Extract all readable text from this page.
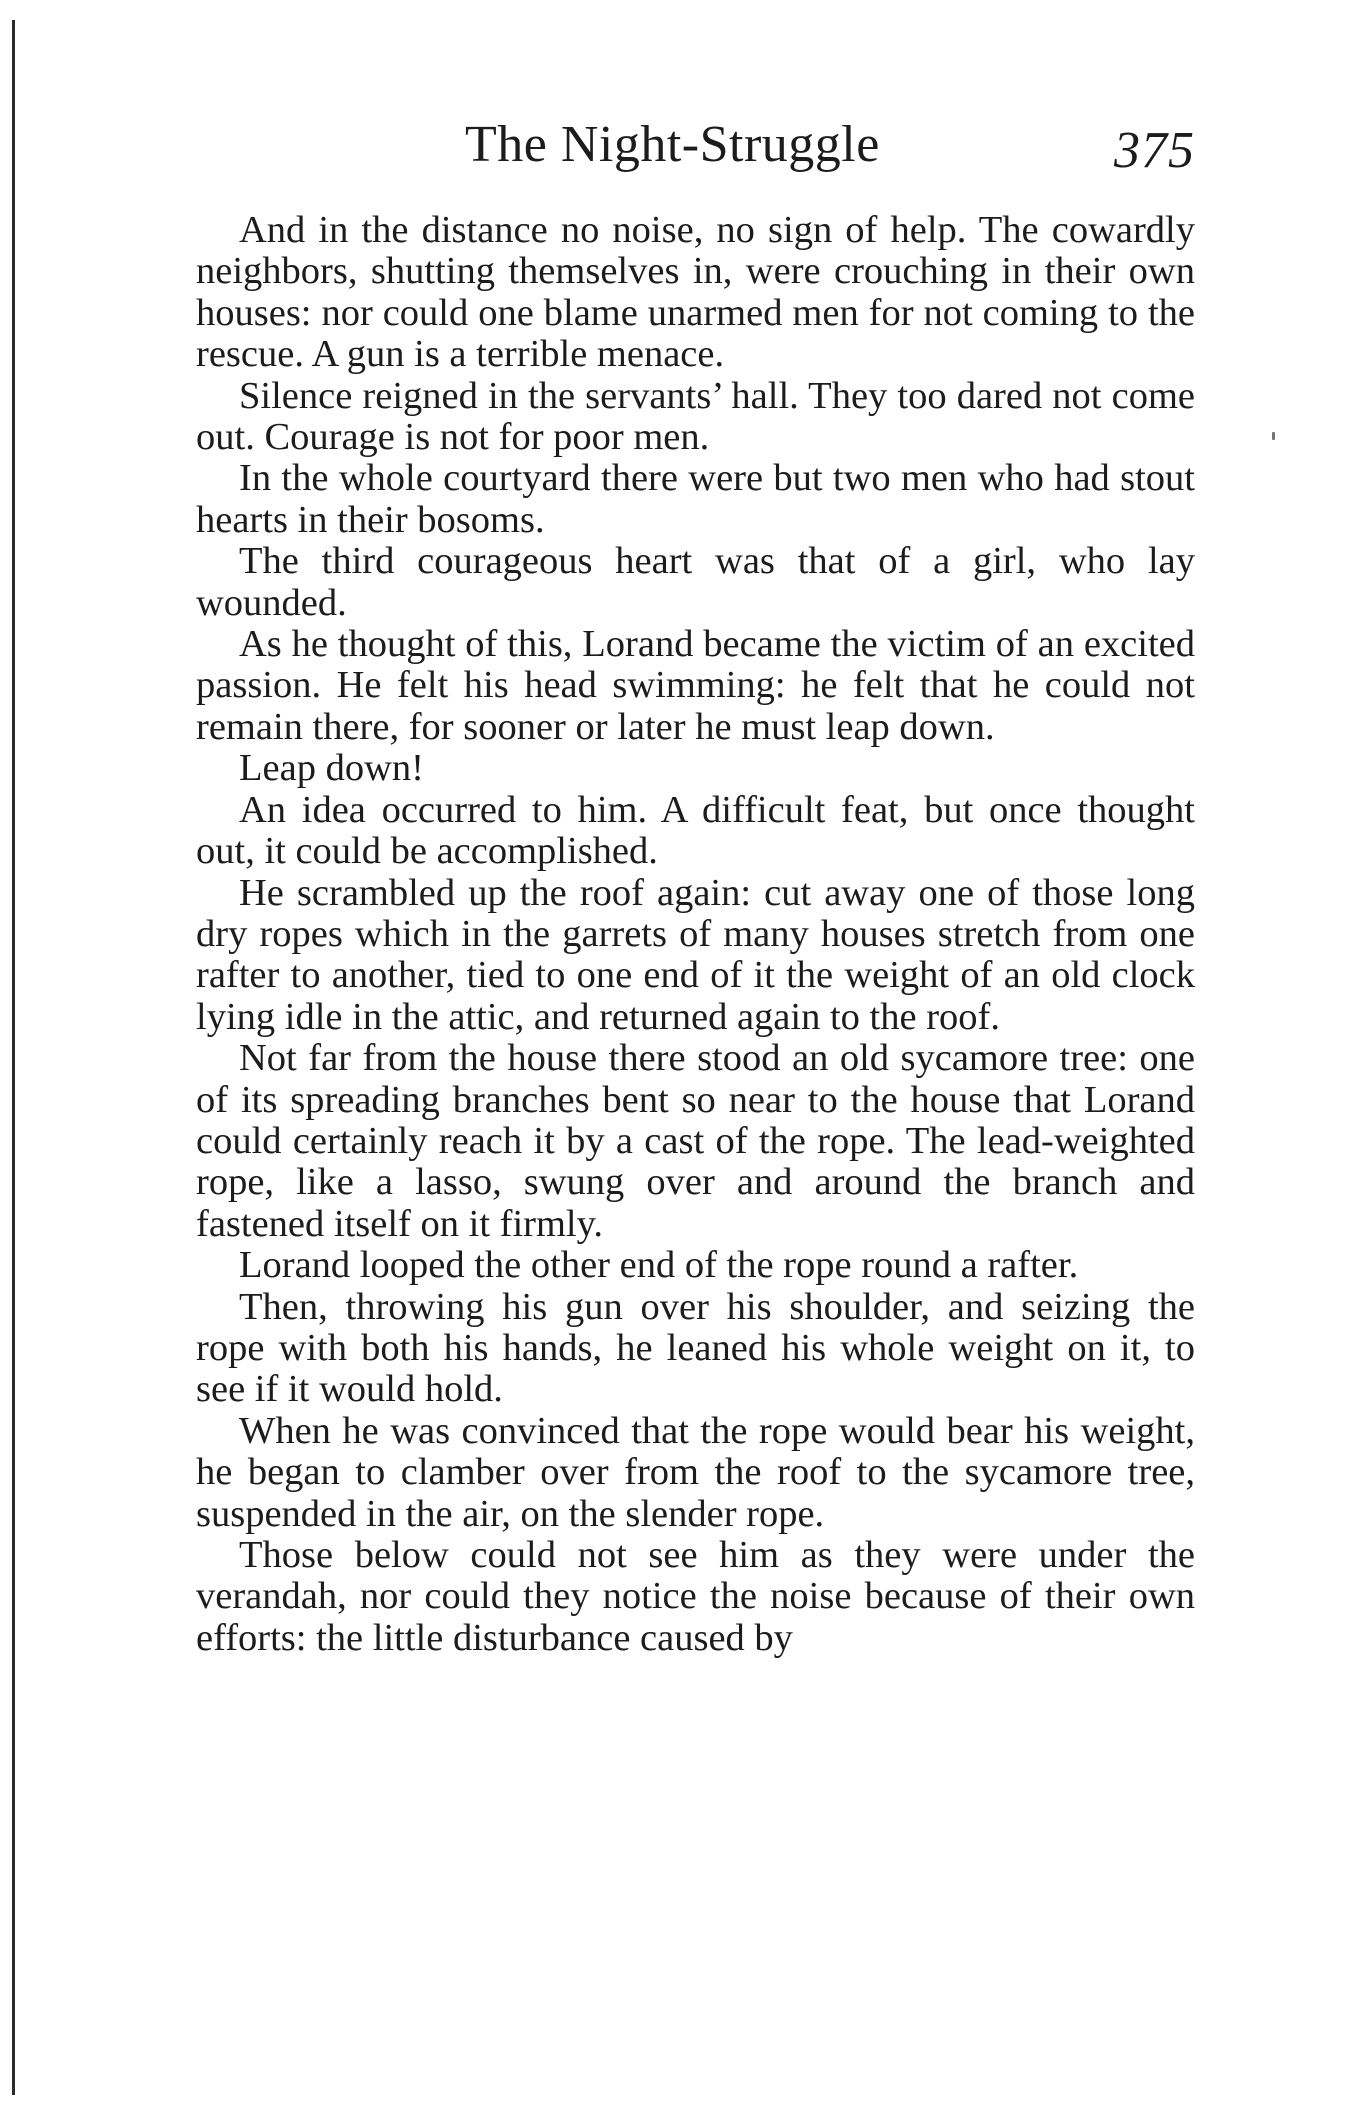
The Night-Struggle	375

And in the distance no noise, no sign of help. The cowardly neighbors, shutting themselves in, were crouching in their own houses: nor could one blame unarmed men for not coming to the rescue. A gun is a terrible menace.

Silence reigned in the servants’ hall. They too dared not come out. Courage is not for poor men.

In the whole courtyard there were but two men who had stout hearts in their bosoms.

The third courageous heart was that of a girl, who lay wounded.

As he thought of this, Lorand became the victim of an excited passion. He felt his head swimming: he felt that he could not remain there, for sooner or later he must leap down.

Leap down!

An idea occurred to him. A difficult feat, but once thought out, it could be accomplished.

He scrambled up the roof again: cut away one of those long dry ropes which in the garrets of many houses stretch from one rafter to another, tied to one end of it the weight of an old clock lying idle in the attic, and returned again to the roof.

Not far from the house there stood an old sycamore tree: one of its spreading branches bent so near to the house that Lorand could certainly reach it by a cast of the rope. The lead-weighted rope, like a lasso, swung over and around the branch and fastened itself on it firmly.

Lorand looped the other end of the rope round a rafter.

Then, throwing his gun over his shoulder, and seizing the rope with both his hands, he leaned his whole weight on it, to see if it would hold.

When he was convinced that the rope would bear his weight, he began to clamber over from the roof to the sycamore tree, suspended in the air, on the slender rope.

Those below could not see him as they were under the verandah, nor could they notice the noise because of their own efforts: the little disturbance caused by
